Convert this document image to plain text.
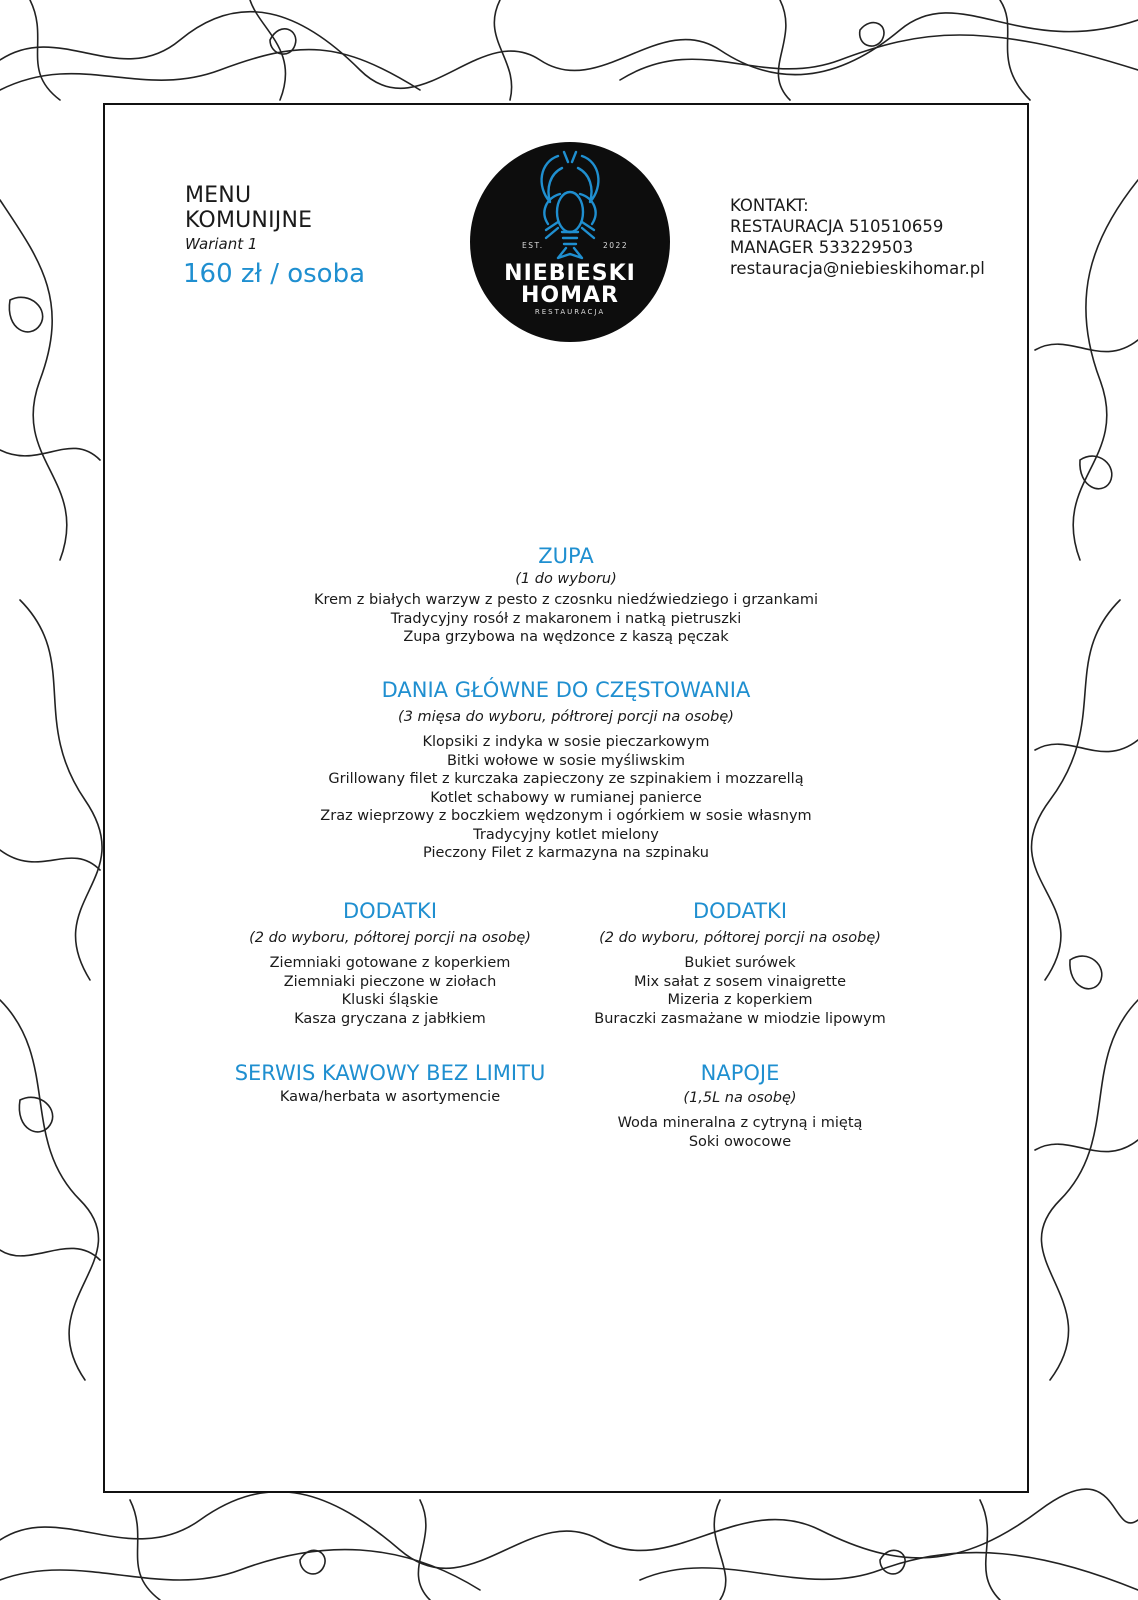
MENU
KOMUNIJNE
Wariant 1
160 zł / osoba
EST.	2022
NIEBIESKI
HOMAR
RESTAURACJA
KONTAKT:
RESTAURACJA 510510659
MANAGER 533229503
restauracja@niebieskihomar.pl
ZUPA
(1 do wyboru)
Krem z białych warzyw z pesto z czosnku niedźwiedziego i grzankami
Tradycyjny rosół z makaronem i natką pietruszki
Zupa grzybowa na wędzonce z kaszą pęczak
DANIA GŁÓWNE DO CZĘSTOWANIA
(3 mięsa do wyboru, półtrorej porcji na osobę)
Klopsiki z indyka w sosie pieczarkowym
Bitki wołowe w sosie myśliwskim
Grillowany filet z kurczaka zapieczony ze szpinakiem i mozzarellą
Kotlet schabowy w rumianej panierce
Zraz wieprzowy z boczkiem wędzonym i ogórkiem w sosie własnym
Tradycyjny kotlet mielony
Pieczony Filet z karmazyna na szpinaku
DODATKI
(2 do wyboru, półtorej porcji na osobę)
Ziemniaki gotowane z koperkiem
Ziemniaki pieczone w ziołach
Kluski śląskie
Kasza gryczana z jabłkiem
DODATKI
(2 do wyboru, półtorej porcji na osobę)
Bukiet surówek
Mix sałat z sosem vinaigrette
Mizeria z koperkiem
Buraczki zasmażane w miodzie lipowym
SERWIS KAWOWY BEZ LIMITU
Kawa/herbata w asortymencie
NAPOJE
(1,5L na osobę)
Woda mineralna z cytryną i miętą
Soki owocowe
